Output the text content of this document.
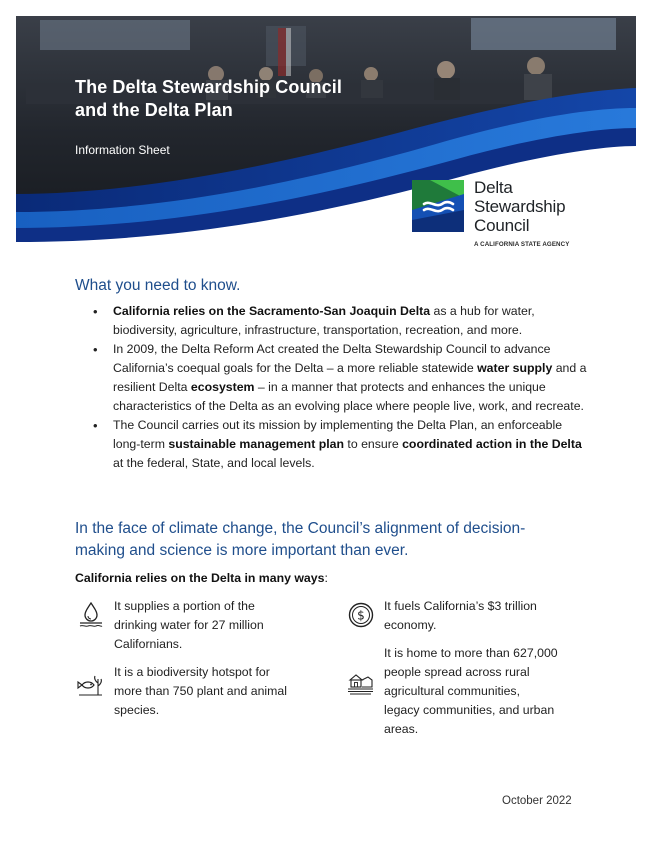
The Delta Stewardship Council
and the Delta Plan
Information Sheet
Delta
Stewardship
Council
A CALIFORNIA STATE AGENCY
What you need to know.
• California relies on the Sacramento-San Joaquin Delta as a hub for water, biodiversity, agriculture, infrastructure, transportation, recreation, and more.
• In 2009, the Delta Reform Act created the Delta Stewardship Council to advance California’s coequal goals for the Delta – a more reliable statewide water supply and a resilient Delta ecosystem – in a manner that protects and enhances the unique characteristics of the Delta as an evolving place where people live, work, and recreate.
• The Council carries out its mission by implementing the Delta Plan, an enforceable long-term sustainable management plan to ensure coordinated action in the Delta at the federal, State, and local levels.
In the face of climate change, the Council’s alignment of decision-
making and science is more important than ever.
California relies on the Delta in many ways:
It supplies a portion of the
drinking water for 27 million
Californians.
$
It fuels California’s $3 trillion
economy.
It is a biodiversity hotspot for
more than 750 plant and animal
species.
It is home to more than 627,000
people spread across rural
agricultural communities,
legacy communities, and urban
areas.
October 2022
